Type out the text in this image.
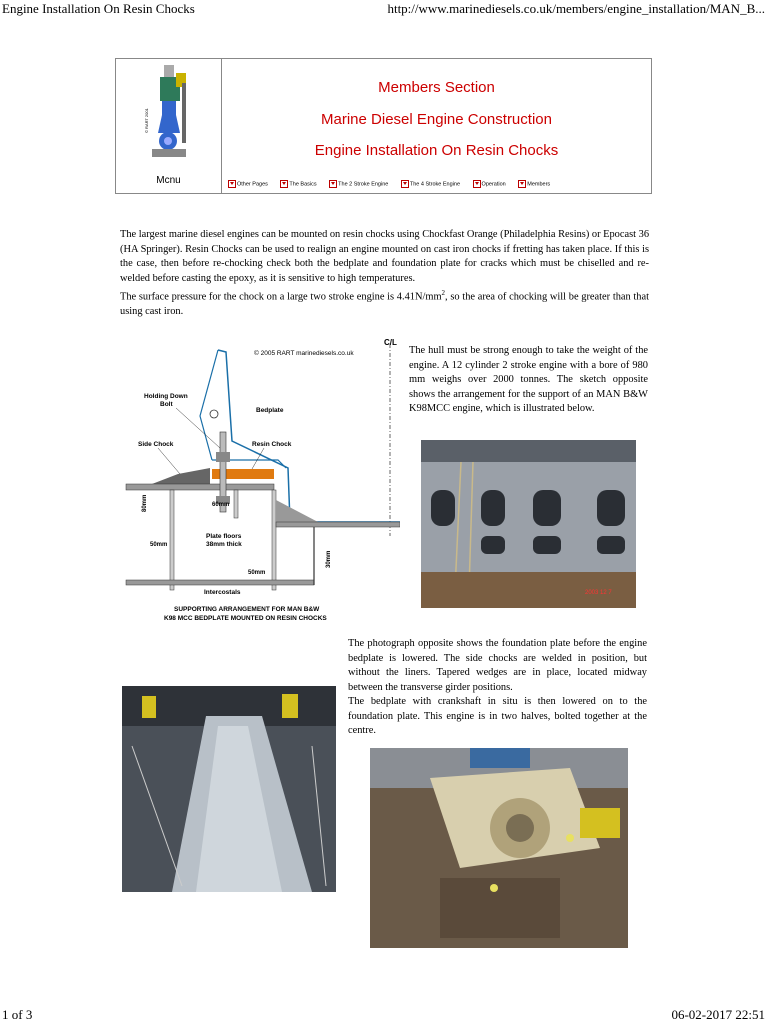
Engine Installation On Resin Chocks	http://www.marinediesels.co.uk/members/engine_installation/MAN_B...
© RART 2001
Mcnu
Members Section
Marine Diesel Engine Construction
Engine Installation On Resin Chocks
Other Pages	The Basics	The 2 Stroke Engine	The 4 Stroke Engine	Operation	Members

The largest marine diesel engines can be mounted on resin chocks using Chockfast Orange (Philadelphia Resins) or Epocast 36 (HA Springer). Resin Chocks can be used to realign an engine mounted on cast iron chocks if fretting has taken place. If this is the case, then before re-chocking check both the bedplate and foundation plate for cracks which must be chiselled and re-welded before casting the epoxy, as it is sensitive to high temperatures.

The surface pressure for the chock on a large two stroke engine is $4.41N/mm^2$, so the area of chocking will be greater than that using cast iron.

C/L
© 2005 RART marinediesels.co.uk
Holding Down
Bolt
Bedplate
Side Chock	Resin Chock
80mm	60mm
50mm
Plate floors
38mm thick
30mm
50mm
Intercostals
SUPPORTING ARRANGEMENT FOR MAN B&W
K98 MCC BEDPLATE MOUNTED ON RESIN CHOCKS

The hull must be strong enough to take the weight of the engine. A 12 cylinder 2 stroke engine with a bore of 980 mm weighs over 2000 tonnes. The sketch opposite shows the arrangement for the support of an MAN B&W K98MCC engine, which is illustrated below.

2003 12 7

The photograph opposite shows the foundation plate before the engine bedplate is lowered. The side chocks are welded in position, but without the liners. Tapered wedges are in place, located midway between the transverse girder positions.

The bedplate with crankshaft in situ is then lowered on to the foundation plate. This engine is in two halves, bolted together at the centre.

1 of 3	06-02-2017 22:51
